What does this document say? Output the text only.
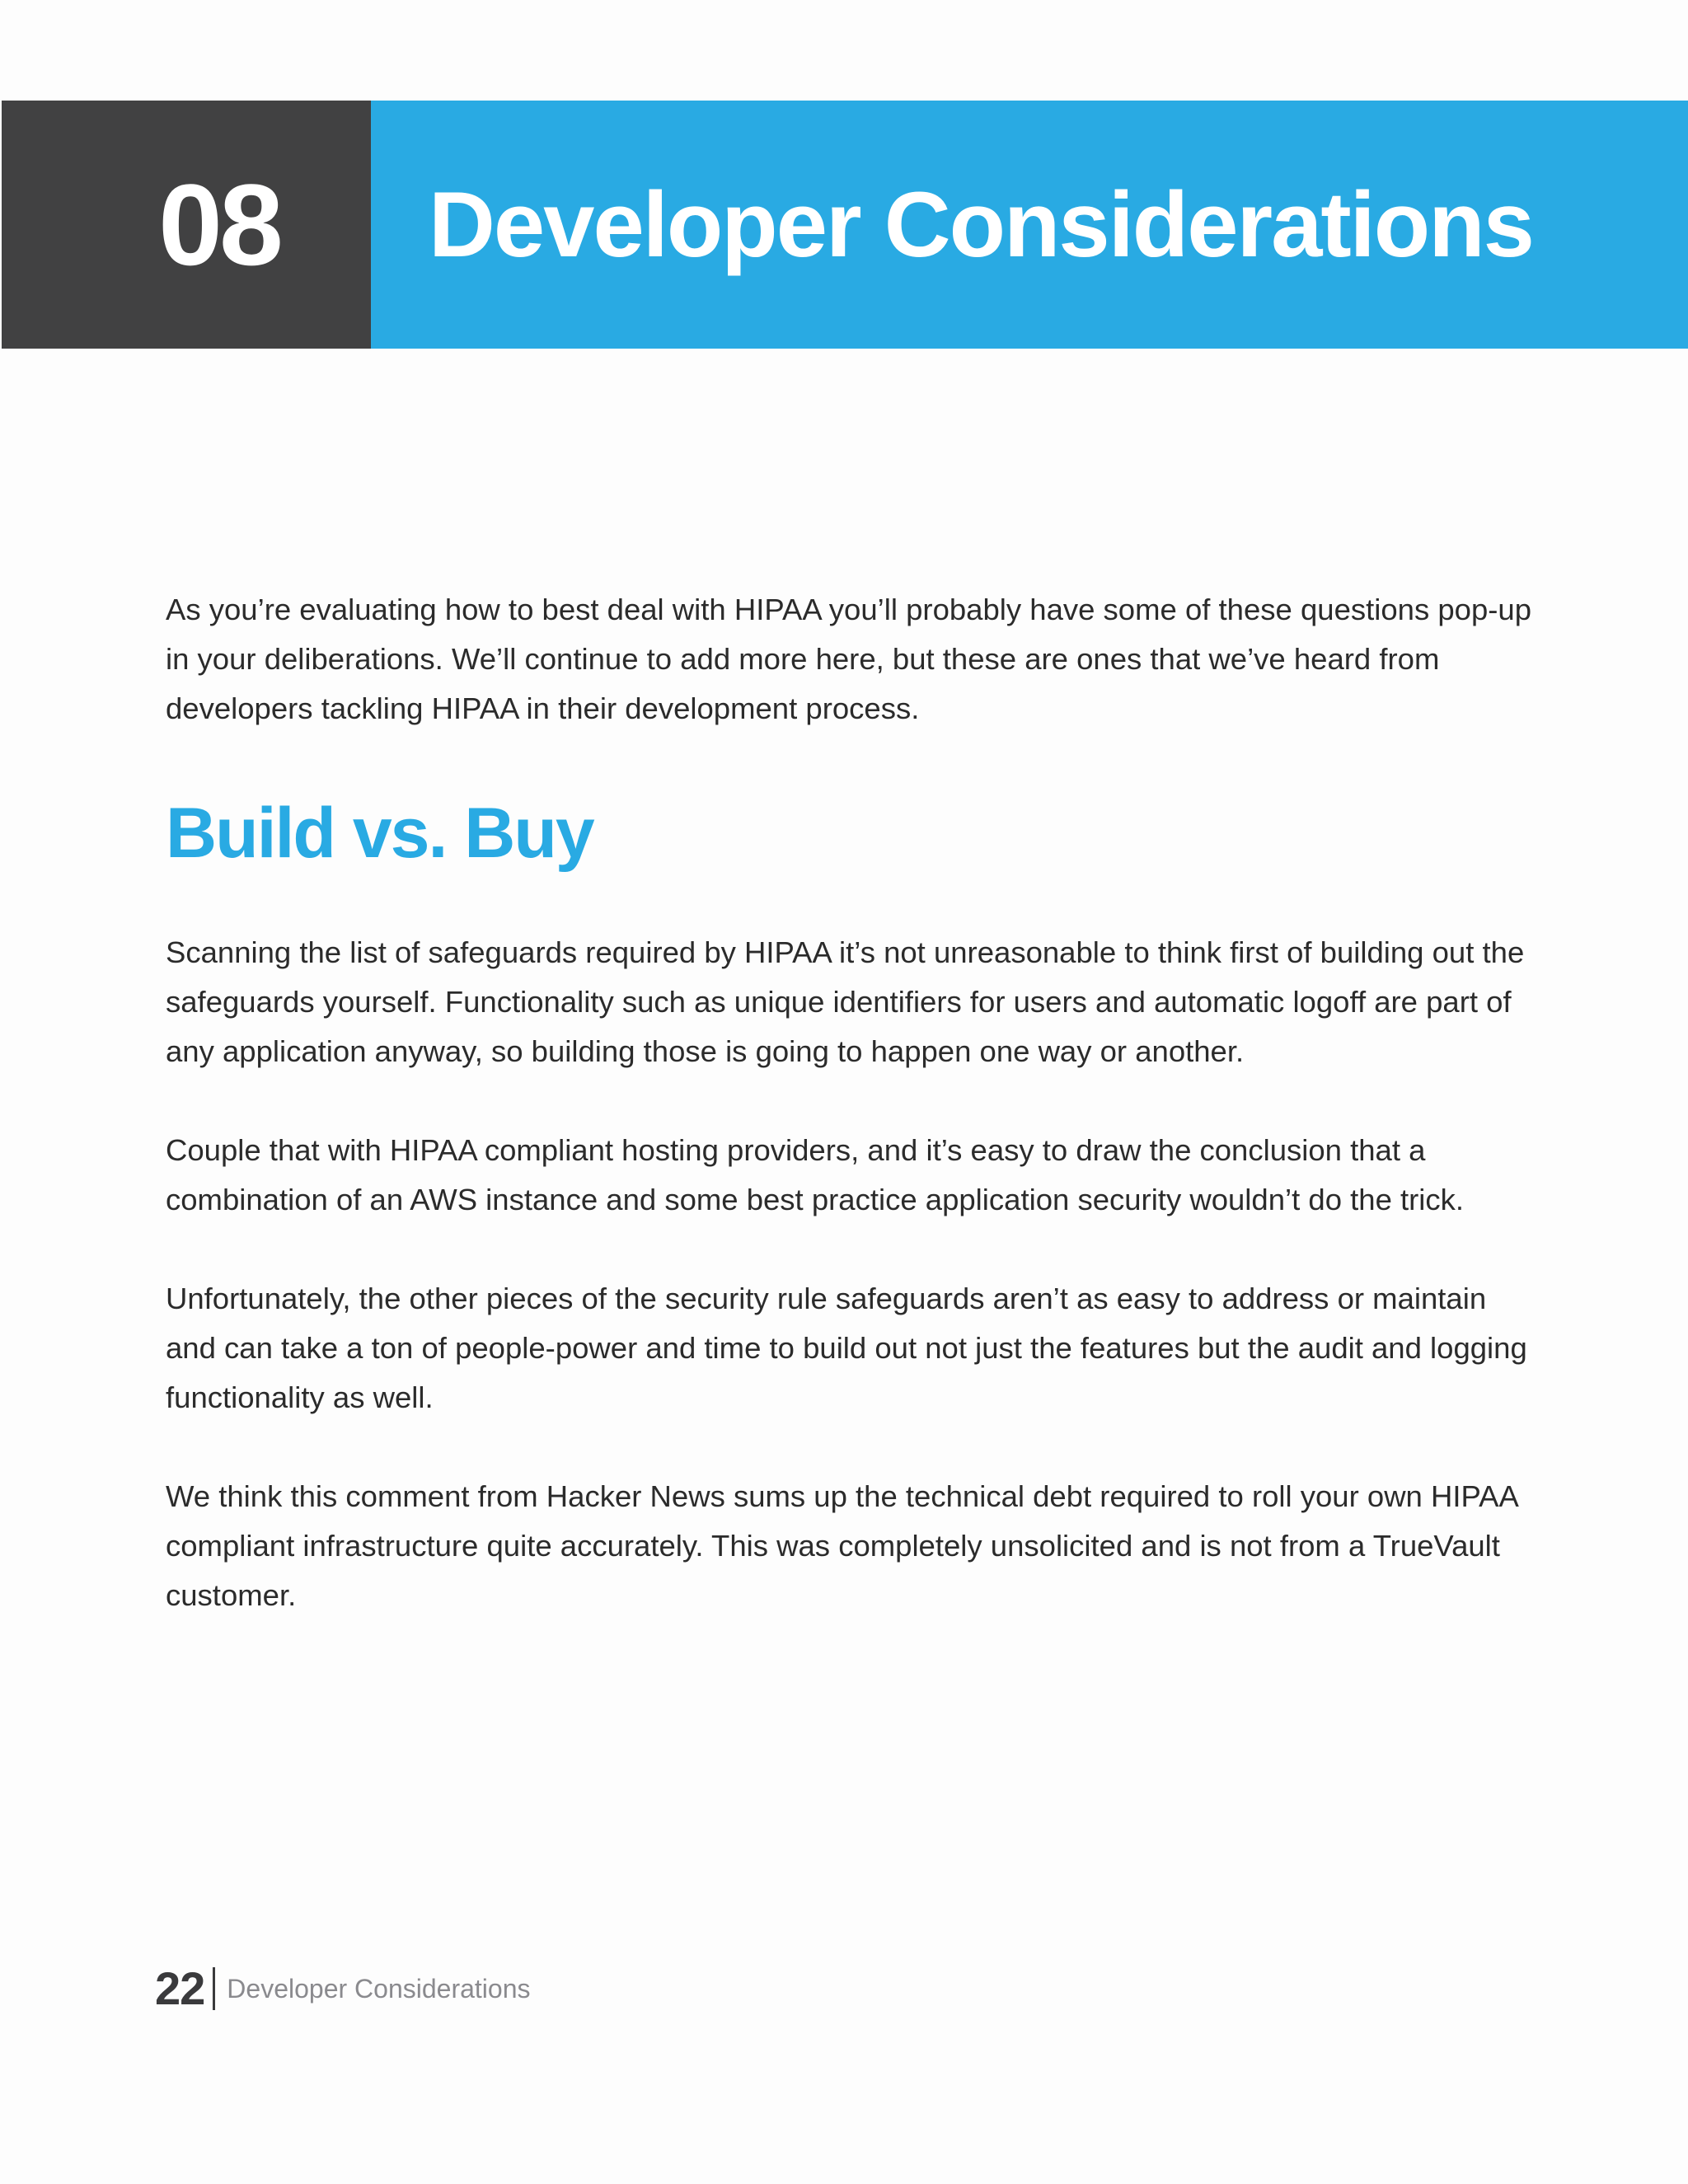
08 Developer Considerations

As you’re evaluating how to best deal with HIPAA you’ll probably have some of these questions pop-up in your deliberations. We’ll continue to add more here, but these are ones that we’ve heard from developers tackling HIPAA in their development process.

Build vs. Buy

Scanning the list of safeguards required by HIPAA it’s not unreasonable to think first of building out the safeguards yourself. Functionality such as unique identifiers for users and automatic logoff are part of any application anyway, so building those is going to happen one way or another.

Couple that with HIPAA compliant hosting providers, and it’s easy to draw the conclusion that a combination of an AWS instance and some best practice application security wouldn’t do the trick.

Unfortunately, the other pieces of the security rule safeguards aren’t as easy to address or maintain and can take a ton of people-power and time to build out not just the features but the audit and logging functionality as well.

We think this comment from Hacker News sums up the technical debt required to roll your own HIPAA compliant infrastructure quite accurately. This was completely unsolicited and is not from a TrueVault customer.

22 Developer Considerations
